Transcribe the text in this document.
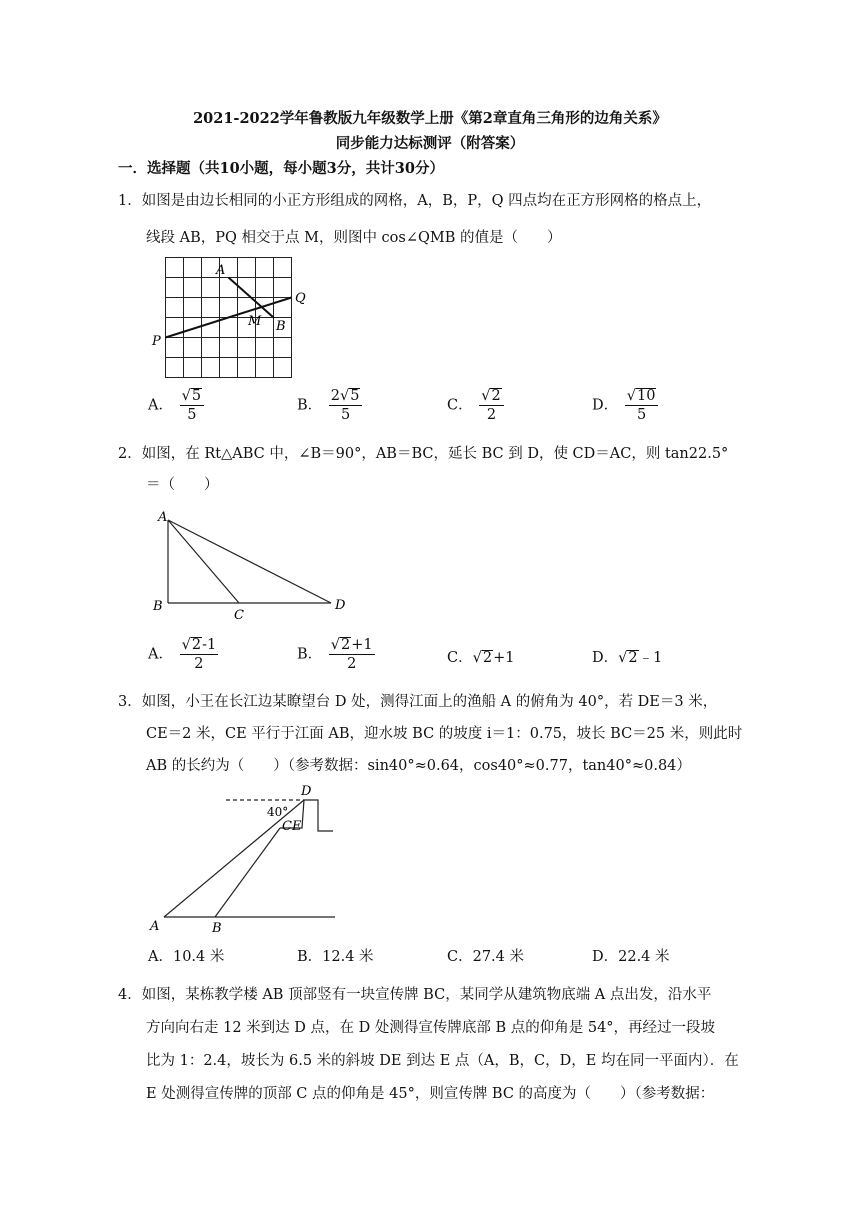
2021-2022学年鲁教版九年级数学上册《第2章直角三角形的边角关系》
同步能力达标测评（附答案）
一．选择题（共10小题，每小题3分，共计30分）
1．如图是由边长相同的小正方形组成的网格，A，B，P，Q 四点均在正方形网格的格点上，
线段 AB，PQ 相交于点 M，则图中 cos∠QMB 的值是（　　）
A
M B
P
Q
A． $\frac{√5}{5}$	B． $\frac{2√5}{5}$	C． $\frac{√2}{2}$	D． $\frac{√10}{5}$
2．如图，在 Rt△ABC 中，∠B＝90°，AB＝BC，延长 BC 到 D，使 CD＝AC，则 tan22.5°
＝（　　）
A
B
C
D
A． $\frac{√2-1}{2}$	B． $\frac{√2+1}{2}$	C．√2+1	D．√2﹣1
3．如图，小王在长江边某瞭望台 D 处，测得江面上的渔船 A 的俯角为 40°，若 DE＝3 米，
CE＝2 米，CE 平行于江面 AB，迎水坡 BC 的坡度 i＝1：0.75，坡长 BC＝25 米，则此时
AB 的长约为（　　）（参考数据：sin40°≈0.64，cos40°≈0.77，tan40°≈0.84）
D
40°
CE
A	B
A．10.4 米	B．12.4 米	C．27.4 米	D．22.4 米
4．如图，某栋教学楼 AB 顶部竖有一块宣传牌 BC，某同学从建筑物底端 A 点出发，沿水平
方向向右走 12 米到达 D 点，在 D 处测得宣传牌底部 B 点的仰角是 54°，再经过一段坡
比为 1：2.4，坡长为 6.5 米的斜坡 DE 到达 E 点（A，B，C，D，E 均在同一平面内）．在
E 处测得宣传牌的顶部 C 点的仰角是 45°，则宣传牌 BC 的高度为（　　）（参考数据：
